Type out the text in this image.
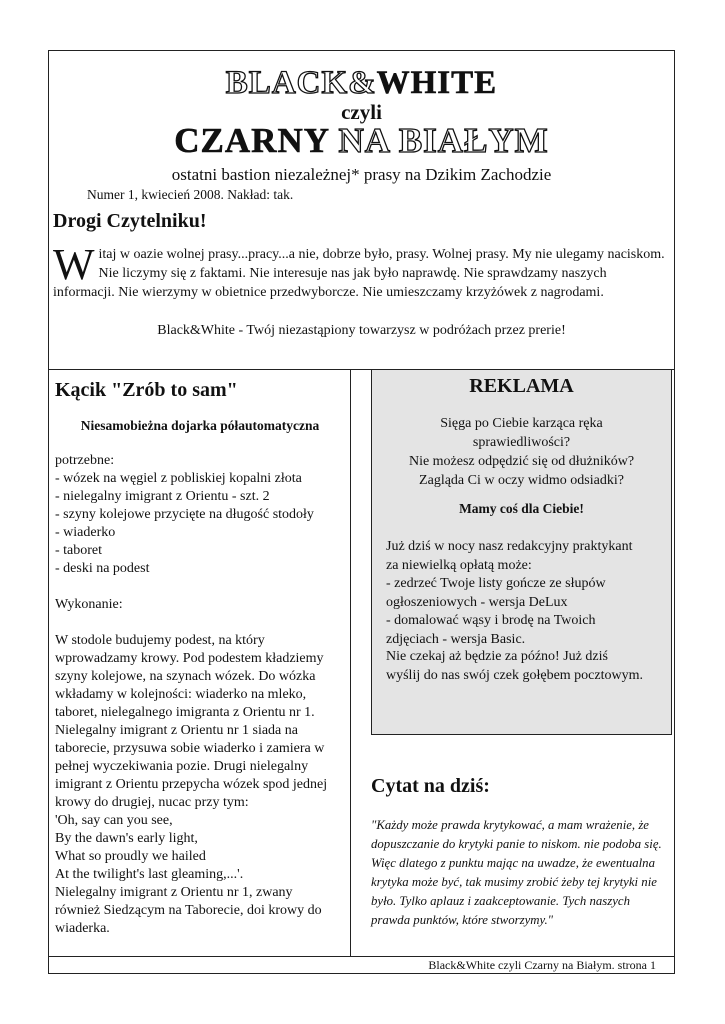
BLACK&WHITE
czyli
CZARNY NA BIAŁYM
ostatni bastion niezależnej* prasy na Dzikim Zachodzie
Numer 1, kwiecień 2008. Nakład: tak.
Drogi Czytelniku!
Witaj w oazie wolnej prasy...pracy...a nie, dobrze było, prasy. Wolnej prasy. My nie ulegamy naciskom. Nie liczymy się z faktami. Nie interesuje nas jak było naprawdę. Nie sprawdzamy naszych informacji. Nie wierzymy w obietnice przedwyborcze. Nie umieszczamy krzyżówek z nagrodami.
Black&White - Twój niezastąpiony towarzysz w podróżach przez prerie!
Kącik "Zrób to sam"
Niesamobieżna dojarka półautomatyczna
potrzebne:
- wózek na węgiel z pobliskiej kopalni złota
- nielegalny imigrant z Orientu - szt. 2
- szyny kolejowe przycięte na długość stodoły
- wiaderko
- taboret
- deski na podest
Wykonanie:
W stodole budujemy podest, na który
wprowadzamy krowy. Pod podestem kładziemy
szyny kolejowe, na szynach wózek. Do wózka
wkładamy w kolejności: wiaderko na mleko,
taboret, nielegalnego imigranta z Orientu nr 1.
Nielegalny imigrant z Orientu nr 1 siada na
taborecie, przysuwa sobie wiaderko i zamiera w
pełnej wyczekiwania pozie. Drugi nielegalny
imigrant z Orientu przepycha wózek spod jednej
krowy do drugiej, nucac przy tym:
'Oh, say can you see,
By the dawn's early light,
What so proudly we hailed
At the twilight's last gleaming,...'.
Nielegalny imigrant z Orientu nr 1, zwany
również Siedzącym na Taborecie, doi krowy do
wiaderka.
REKLAMA
Sięga po Ciebie karząca ręka
sprawiedliwości?
Nie możesz odpędzić się od dłużników?
Zagląda Ci w oczy widmo odsiadki?
Mamy coś dla Ciebie!
Już dziś w nocy nasz redakcyjny praktykant
za niewielką opłatą może:
- zedrzeć Twoje listy gończe ze słupów
ogłoszeniowych - wersja DeLux
- domalować wąsy i brodę na Twoich
zdjęciach - wersja Basic.
Nie czekaj aż będzie za późno! Już dziś
wyślij do nas swój czek gołębem pocztowym.
Cytat na dziś:
"Każdy może prawda krytykować, a mam wrażenie, że dopuszczanie do krytyki panie to niskom. nie podoba się. Więc dlatego z punktu mając na uwadze, że ewentualna krytyka może być, tak musimy zrobić żeby tej krytyki nie było. Tylko aplauz i zaakceptowanie. Tych naszych prawda punktów, które stworzymy."
Black&White czyli Czarny na Białym. strona 1
